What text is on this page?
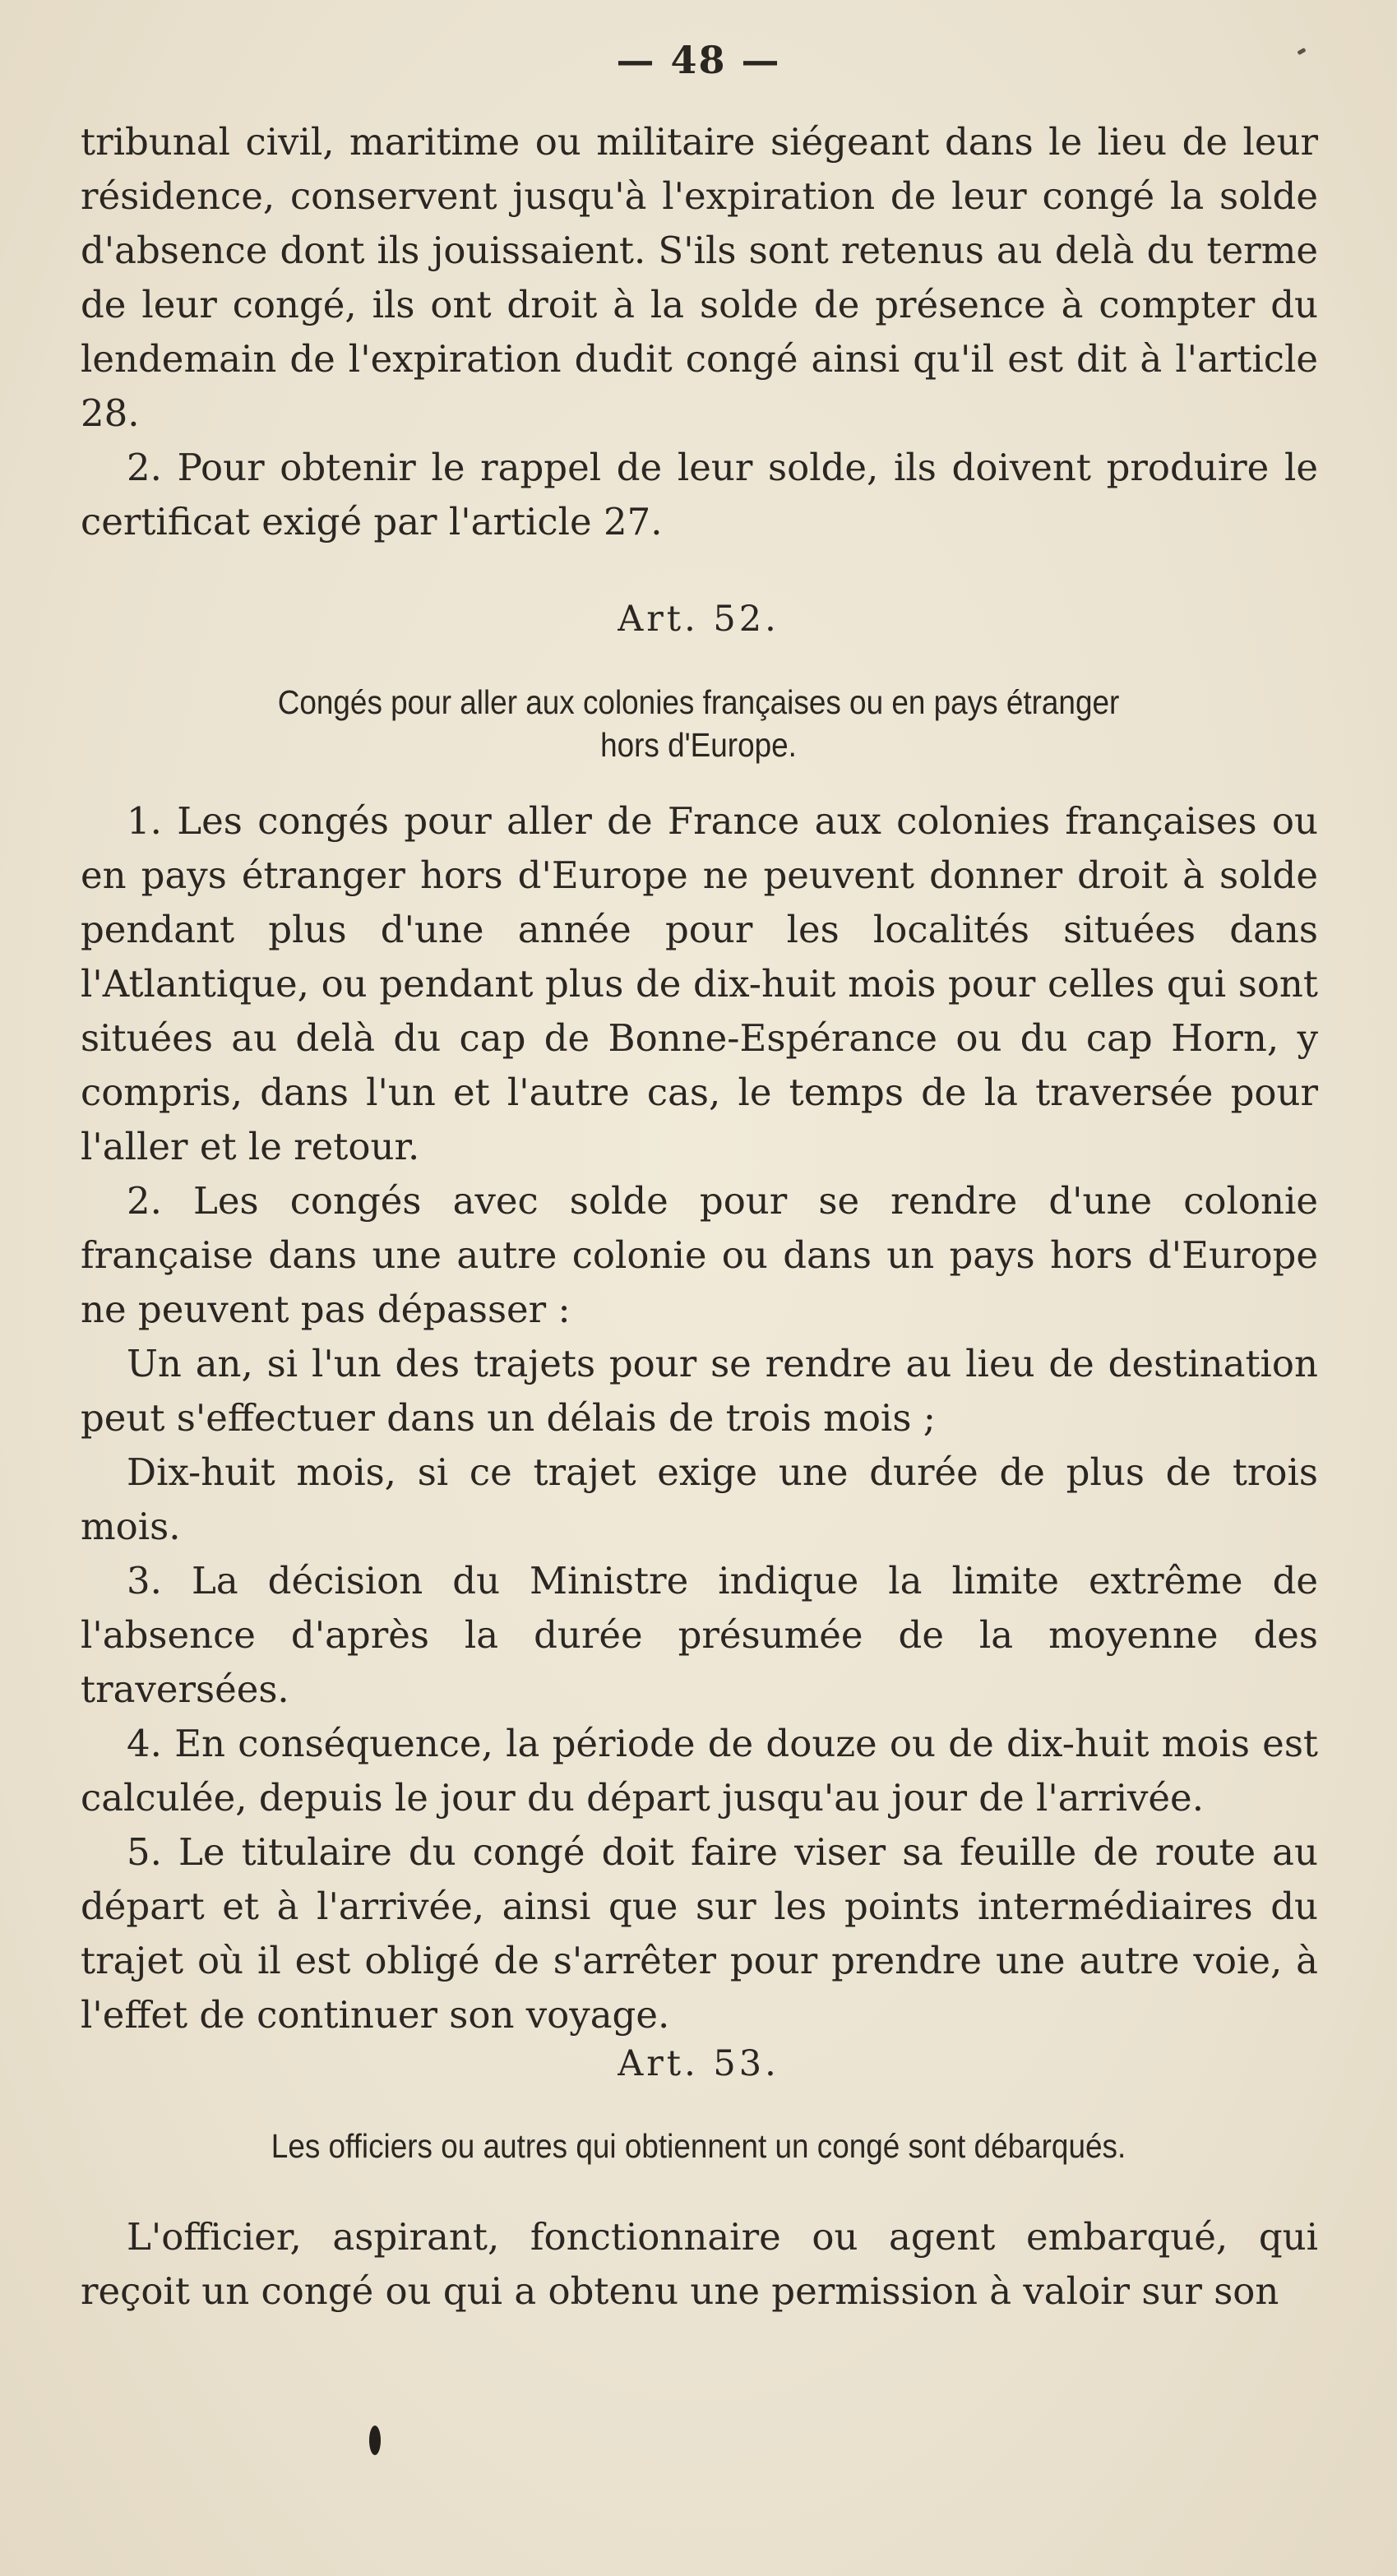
— 48 —

tribunal civil, maritime ou militaire siégeant dans le lieu de leur résidence, conservent jusqu'à l'expiration de leur congé la solde d'absence dont ils jouissaient. S'ils sont retenus au delà du terme de leur congé, ils ont droit à la solde de présence à compter du lendemain de l'expiration dudit congé ainsi qu'il est dit à l'article 28.

2. Pour obtenir le rappel de leur solde, ils doivent produire le certificat exigé par l'article 27.

Art. 52.
Congés pour aller aux colonies françaises ou en pays étranger
hors d'Europe.

1. Les congés pour aller de France aux colonies françaises ou en pays étranger hors d'Europe ne peuvent donner droit à solde pendant plus d'une année pour les localités situées dans l'Atlantique, ou pendant plus de dix-huit mois pour celles qui sont situées au delà du cap de Bonne-Espérance ou du cap Horn, y compris, dans l'un et l'autre cas, le temps de la traversée pour l'aller et le retour.

2. Les congés avec solde pour se rendre d'une colonie française dans une autre colonie ou dans un pays hors d'Europe ne peuvent pas dépasser :

Un an, si l'un des trajets pour se rendre au lieu de destination peut s'effectuer dans un délais de trois mois ;

Dix-huit mois, si ce trajet exige une durée de plus de trois mois.

3. La décision du Ministre indique la limite extrême de l'absence d'après la durée présumée de la moyenne des traversées.

4. En conséquence, la période de douze ou de dix-huit mois est calculée, depuis le jour du départ jusqu'au jour de l'arrivée.

5. Le titulaire du congé doit faire viser sa feuille de route au départ et à l'arrivée, ainsi que sur les points intermédiaires du trajet où il est obligé de s'arrêter pour prendre une autre voie, à l'effet de continuer son voyage.

Art. 53.
Les officiers ou autres qui obtiennent un congé sont débarqués.

L'officier, aspirant, fonctionnaire ou agent embarqué, qui reçoit un congé ou qui a obtenu une permission à valoir sur son
